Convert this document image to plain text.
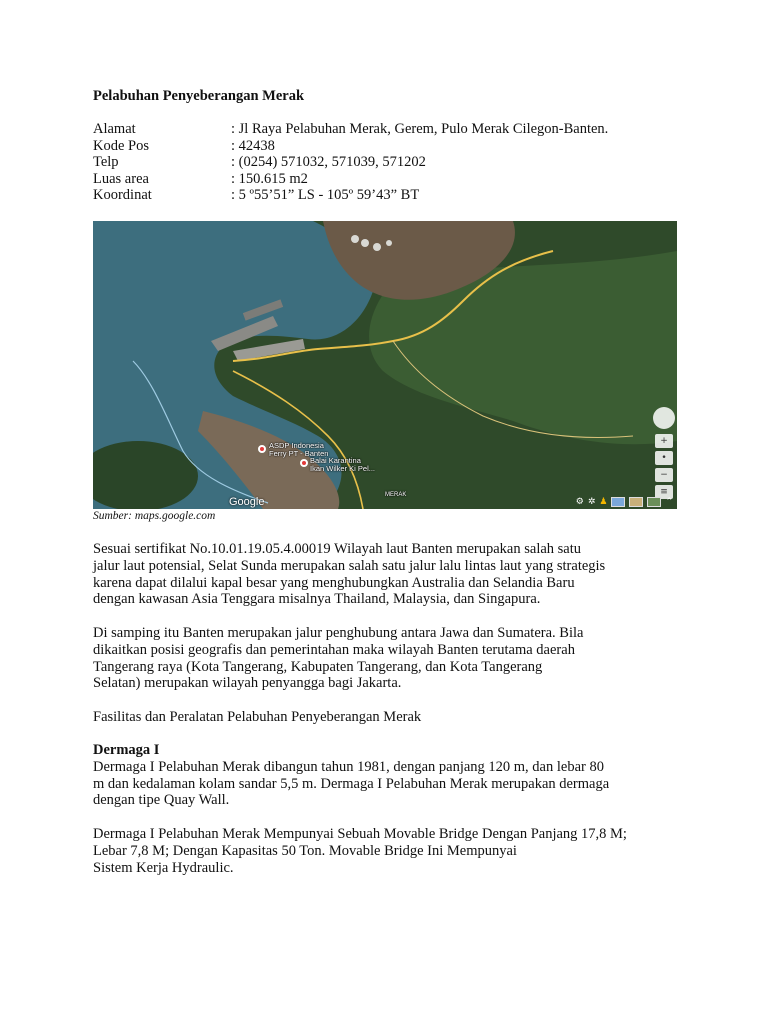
Pelabuhan Penyeberangan Merak
Alamat	: Jl Raya Pelabuhan Merak, Gerem, Pulo Merak Cilegon-Banten.
Kode Pos	: 42438
Telp	: (0254) 571032, 571039, 571202
Luas area	: 150.615 m2
Koordinat	: 5 º55’51” LS - 105º 59’43” BT
ASDP Indonesia
Ferry PT - Banten
Balai Karantina
Ikan Wilker Ki Pel...
MERAK
Google
+
•
−
≡
⚙ ✲ ♟	⌃
Sumber: maps.google.com
Sesuai sertifikat No.10.01.19.05.4.00019 Wilayah laut Banten merupakan salah satu
jalur laut potensial, Selat Sunda merupakan salah satu jalur lalu lintas laut yang strategis
karena dapat dilalui kapal besar yang menghubungkan Australia dan Selandia Baru
dengan kawasan Asia Tenggara misalnya Thailand, Malaysia, dan Singapura.
Di samping itu Banten merupakan jalur penghubung antara Jawa dan Sumatera. Bila
dikaitkan posisi geografis dan pemerintahan maka wilayah Banten terutama daerah
Tangerang raya (Kota Tangerang, Kabupaten Tangerang, dan Kota Tangerang
Selatan) merupakan wilayah penyangga bagi Jakarta.
Fasilitas dan Peralatan Pelabuhan Penyeberangan Merak
Dermaga I
Dermaga I Pelabuhan Merak dibangun tahun 1981, dengan panjang 120 m, dan lebar 80
m dan kedalaman kolam sandar 5,5 m. Dermaga I Pelabuhan Merak merupakan dermaga
dengan tipe Quay Wall.
Dermaga I Pelabuhan Merak Mempunyai Sebuah Movable Bridge Dengan Panjang 17,8 M;
Lebar 7,8 M; Dengan Kapasitas 50 Ton. Movable Bridge Ini Mempunyai
Sistem Kerja Hydraulic.
